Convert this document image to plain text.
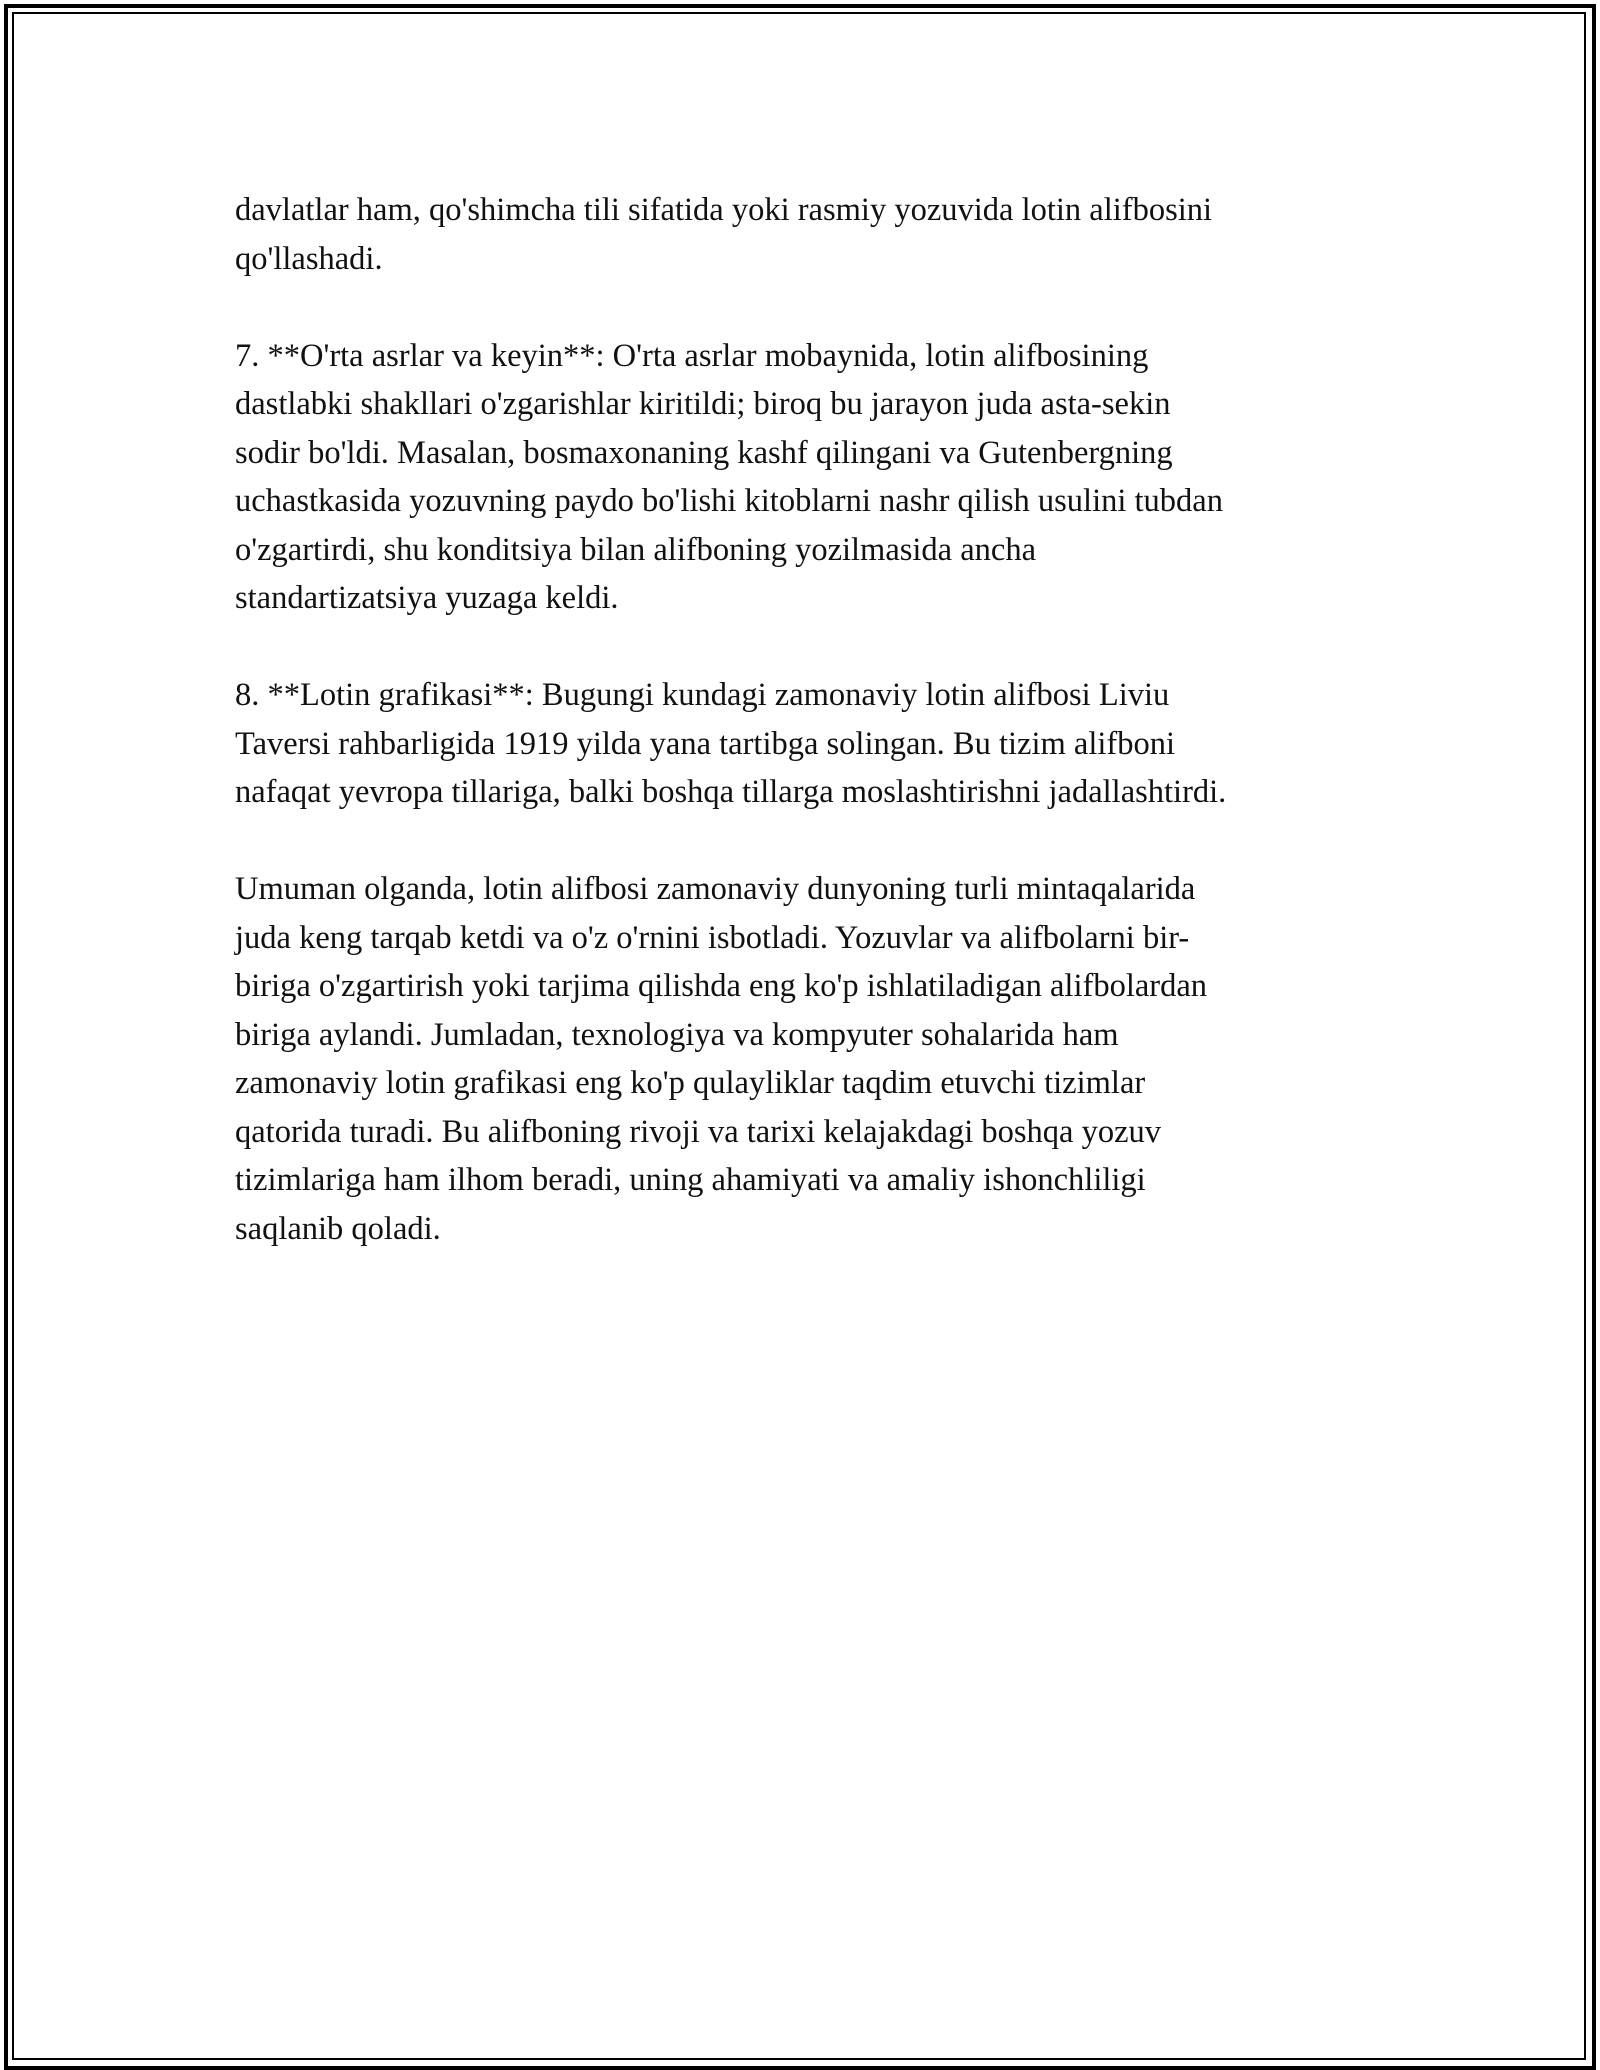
davlatlar ham, qo'shimcha tili sifatida yoki rasmiy yozuvida lotin alifbosini
qo'llashadi.

7. **O'rta asrlar va keyin**: O'rta asrlar mobaynida, lotin alifbosining
dastlabki shakllari o'zgarishlar kiritildi; biroq bu jarayon juda asta-sekin
sodir bo'ldi. Masalan, bosmaxonaning kashf qilingani va Gutenbergning
uchastkasida yozuvning paydo bo'lishi kitoblarni nashr qilish usulini tubdan
o'zgartirdi, shu konditsiya bilan alifboning yozilmasida ancha
standartizatsiya yuzaga keldi.

8. **Lotin grafikasi**: Bugungi kundagi zamonaviy lotin alifbosi Liviu
Taversi rahbarligida 1919 yilda yana tartibga solingan. Bu tizim alifboni
nafaqat yevropa tillariga, balki boshqa tillarga moslashtirishni jadallashtirdi.

Umuman olganda, lotin alifbosi zamonaviy dunyoning turli mintaqalarida
juda keng tarqab ketdi va o'z o'rnini isbotladi. Yozuvlar va alifbolarni bir-
biriga o'zgartirish yoki tarjima qilishda eng ko'p ishlatiladigan alifbolardan
biriga aylandi. Jumladan, texnologiya va kompyuter sohalarida ham
zamonaviy lotin grafikasi eng ko'p qulayliklar taqdim etuvchi tizimlar
qatorida turadi. Bu alifboning rivoji va tarixi kelajakdagi boshqa yozuv
tizimlariga ham ilhom beradi, uning ahamiyati va amaliy ishonchliligi
saqlanib qoladi.
